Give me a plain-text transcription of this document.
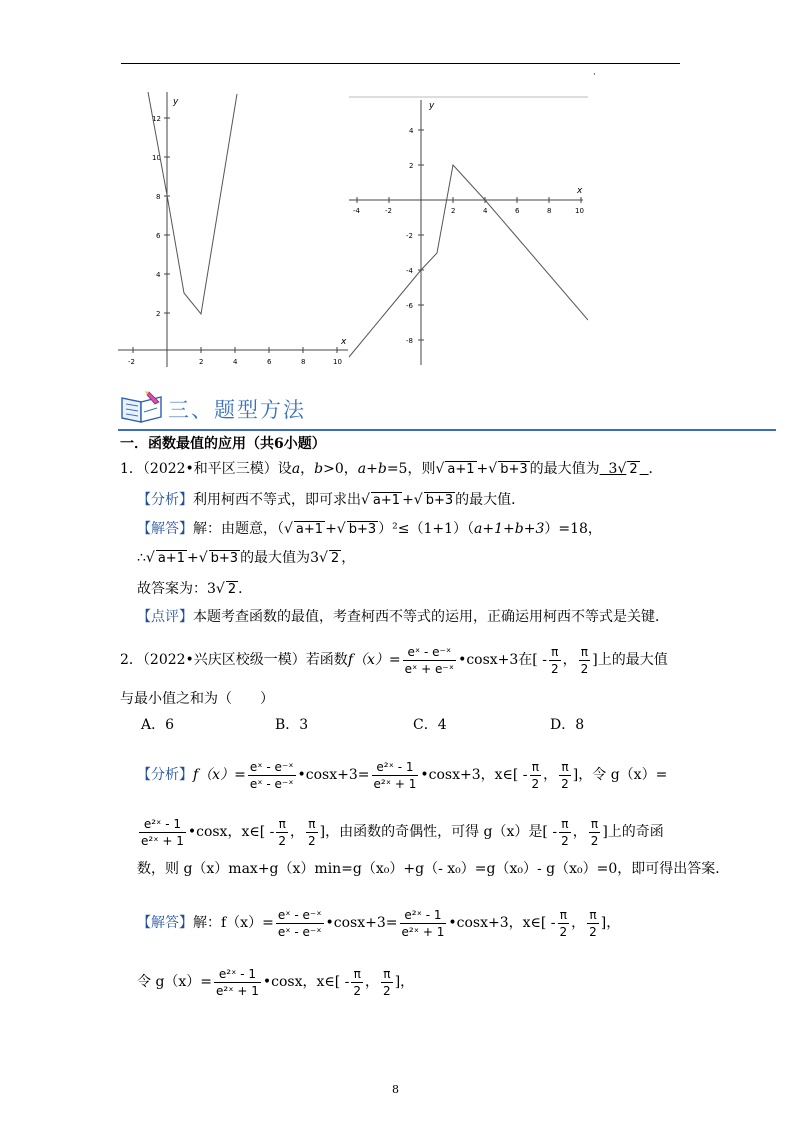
·
x
y
-2	2	4	6	8	10
2
4
6
8
10
12
x
y
-4	-2	2	4	6	8	10
4
2
-2
-4
-6
-8
三、题型方法
一．函数最值的应用（共6小题）
1．（2022•和平区三模）设a，b>0，a+b=5，则√ a+1 +√ b+3 的最大值为 3√ 2 ．
【分析】利用柯西不等式，即可求出√ a+1 +√ b+3 的最大值．
【解答】解：由题意，（√ a+1 +√ b+3 ）²≤（1+1）（a+1+b+3）=18，
∴√ a+1 +√ b+3 的最大值为3√ 2 ，
故答案为：3√ 2 ．
【点评】本题考查函数的最值，考查柯西不等式的运用，正确运用柯西不等式是关键．
2．（2022•兴庆区校级一模）若函数$f(x)= \frac{\text{eˣ - e⁻ˣ}}{\text{eˣ + e⁻ˣ}}$ •cosx+3在[ - $\frac{\pi}{2}$ ， $\frac{\pi}{2}$ ]上的最大值
与最小值之和为（　　）
A．6	B．3	C．4	D．8
【分析】$f(x)= \frac{\text{eˣ - e⁻ˣ}}{\text{eˣ - e⁻ˣ}}$ •cosx+3= $\frac{\text{e²ˣ - 1}}{\text{e²ˣ + 1}}$ •cosx+3，x∈[ - $\frac{\pi}{2}$ ， $\frac{\pi}{2}$ ]，令 g（x）=
$\frac{\text{e²ˣ - 1}}{\text{e²ˣ + 1}}$ •cosx，x∈[ - $\frac{\pi}{2}$ ， $\frac{\pi}{2}$ ]，由函数的奇偶性，可得 g（x）是[ - $\frac{\pi}{2}$ ， $\frac{\pi}{2}$ ]上的奇函
数，则 g（x）max+g（x）min=g（x₀）+g（- x₀）=g（x₀）- g（x₀）=0，即可得出答案．
【解答】解：$f(x)= \frac{\text{eˣ - e⁻ˣ}}{\text{eˣ - e⁻ˣ}}$ •cosx+3= $\frac{\text{e²ˣ - 1}}{\text{e²ˣ + 1}}$ •cosx+3，x∈[ - $\frac{\pi}{2}$ ， $\frac{\pi}{2}$ ]，
令 $g(x)= \frac{\text{e²ˣ - 1}}{\text{e²ˣ + 1}}$ •cosx，x∈[ - $\frac{\pi}{2}$ ， $\frac{\pi}{2}$ ]，
8
